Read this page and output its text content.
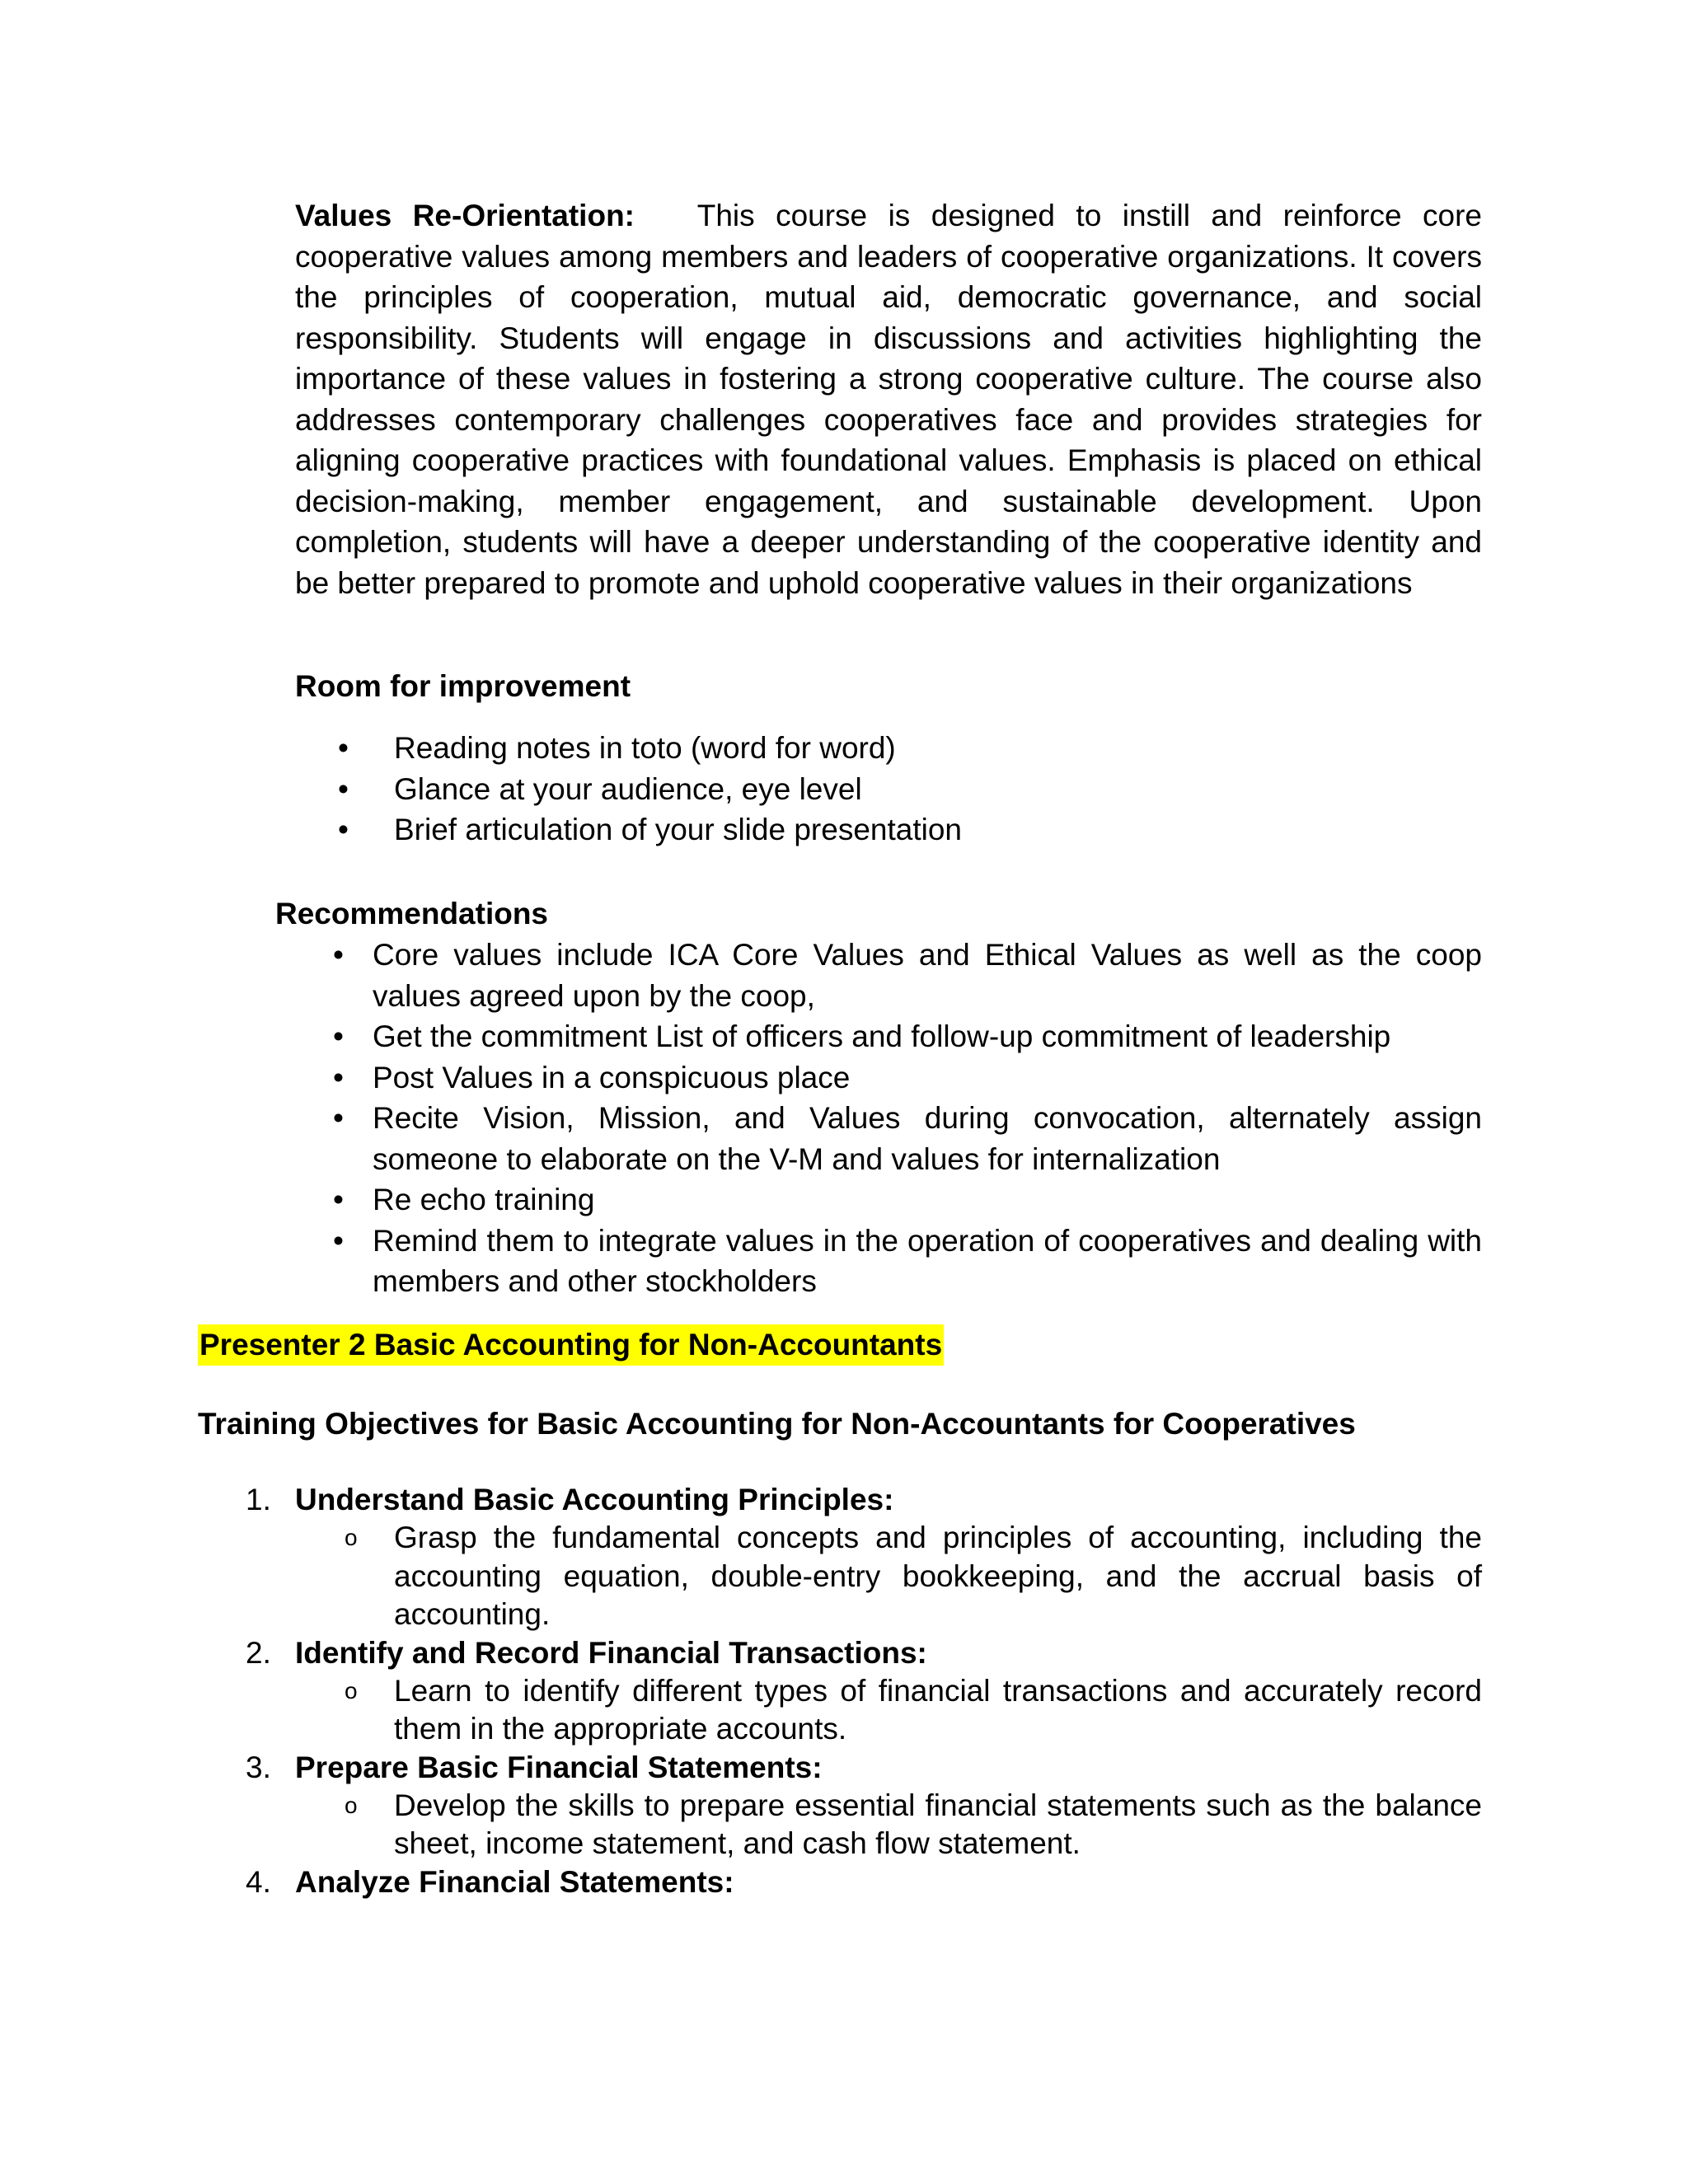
Values Re-Orientation: This course is designed to instill and reinforce core cooperative values among members and leaders of cooperative organizations. It covers the principles of cooperation, mutual aid, democratic governance, and social responsibility. Students will engage in discussions and activities highlighting the importance of these values in fostering a strong cooperative culture. The course also addresses contemporary challenges cooperatives face and provides strategies for aligning cooperative practices with foundational values. Emphasis is placed on ethical decision-making, member engagement, and sustainable development. Upon completion, students will have a deeper understanding of the cooperative identity and be better prepared to promote and uphold cooperative values in their organizations
Room for improvement
• Reading notes in toto (word for word)
• Glance at your audience, eye level
• Brief articulation of your slide presentation
Recommendations
• Core values include ICA Core Values and Ethical Values as well as the coop values agreed upon by the coop,
• Get the commitment List of officers and follow-up commitment of leadership
• Post Values in a conspicuous place
• Recite Vision, Mission, and Values during convocation, alternately assign someone to elaborate on the V-M and values for internalization
• Re echo training
• Remind them to integrate values in the operation of cooperatives and dealing with members and other stockholders
Presenter 2 Basic Accounting for Non-Accountants
Training Objectives for Basic Accounting for Non-Accountants for Cooperatives
1. Understand Basic Accounting Principles:
o Grasp the fundamental concepts and principles of accounting, including the accounting equation, double-entry bookkeeping, and the accrual basis of accounting.
2. Identify and Record Financial Transactions:
o Learn to identify different types of financial transactions and accurately record them in the appropriate accounts.
3. Prepare Basic Financial Statements:
o Develop the skills to prepare essential financial statements such as the balance sheet, income statement, and cash flow statement.
4. Analyze Financial Statements:
